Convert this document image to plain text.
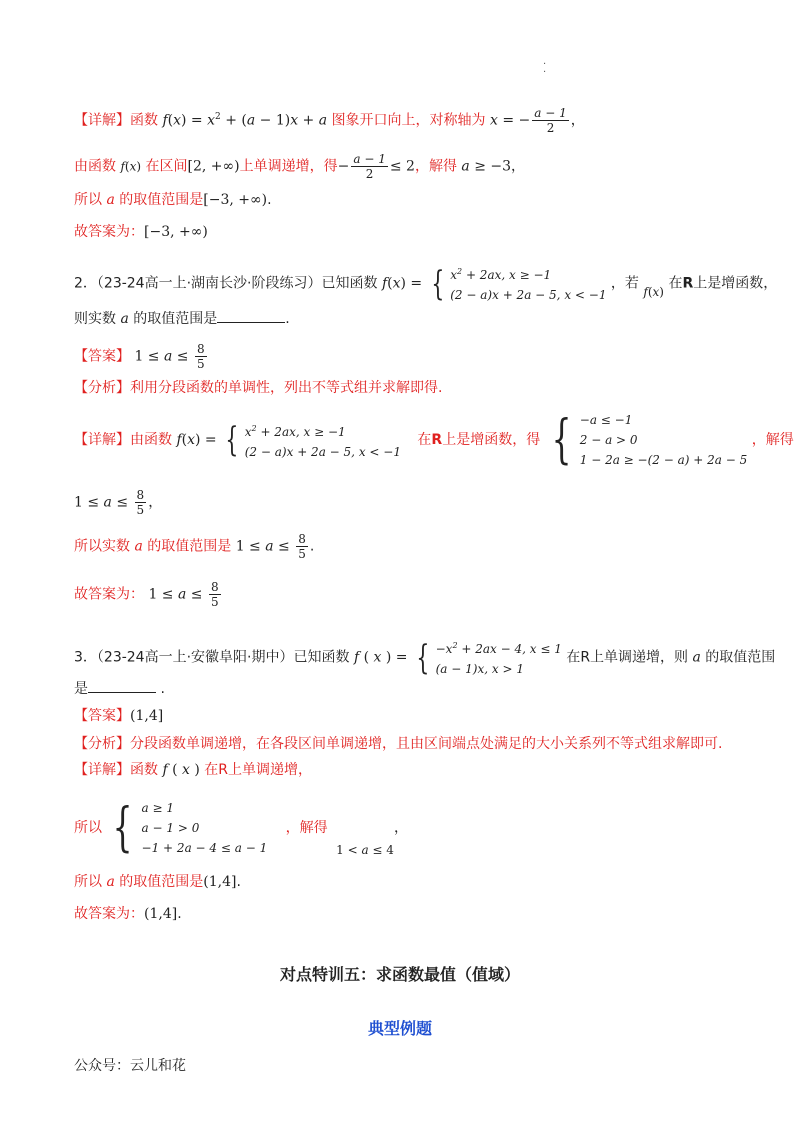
.
.
【详解】函数 $f(x) = x^2 + (a - 1)x + a$ 图象开口向上，对称轴为 x = − $\frac{a - 1}{2}$ ，
由函数 f(x) 在区间[2, +∞)上单调递增，得− $\frac{a - 1}{2} \le 2$，解得 a ≥ −3，
所以 a 的取值范围是[−3, +∞).
故答案为：[−3, +∞)
2．（23-24高一上·湖南长沙·阶段练习）已知函数 f(x) = { $x^2 + 2ax$, x ≥ −1
(2 − a)x + 2a − 5, x < −1
，若 f(x) 在R上是增函数，
则实数 a 的取值范围是	.
【答案】 $1 \le a \le \frac{8}{5}$
【分析】利用分段函数的单调性，列出不等式组并求解即得.
【详解】由函数 f(x) = { $x^2 + 2ax$, x ≥ −1
(2 − a)x + 2a − 5, x < −1
在R上是增函数，得 { −a ≤ −1
2 − a > 0
1 − 2a ≥ −(2 − a) + 2a − 5
，解得
$1 \le a \le \frac{8}{5}$ ，
所以实数 a 的取值范围是 $1 \le a \le \frac{8}{5}$ .
故答案为： $1 \le a \le \frac{8}{5}$
3．（23-24高一上·安徽阜阳·期中）已知函数 f ( x ) = { $-x^2 + 2ax - 4$, x ≤ 1
(a − 1)x, x > 1
在R上单调递增，则 a 的取值范围
是	.
【答案】(1,4]
【分析】分段函数单调递增，在各段区间单调递增，且由区间端点处满足的大小关系列不等式组求解即可.
【详解】函数 f ( x ) 在R上单调递增，
所以 { a ≥ 1
a − 1 > 0
−1 + 2a − 4 ≤ a − 1
，解得 1 < a ≤ 4，
所以 a 的取值范围是(1,4].
故答案为：(1,4].
对点特训五：求函数最值（值域）
典型例题
公众号：云儿和花
